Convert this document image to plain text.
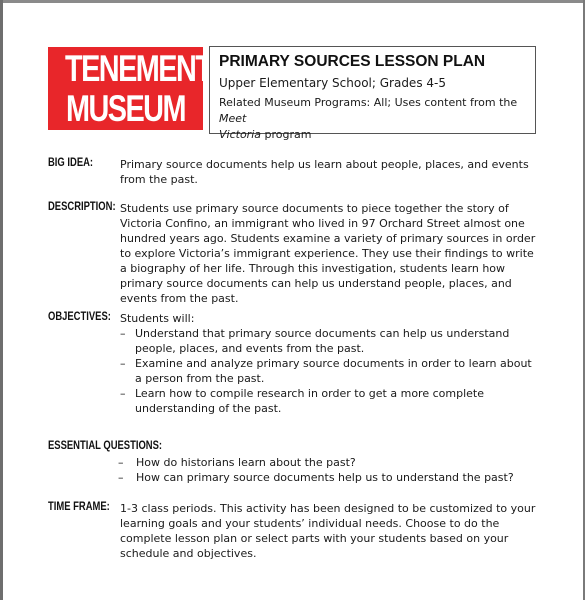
TENEMENT
MUSEUM

PRIMARY SOURCES LESSON PLAN

Upper Elementary School; Grades 4-5

Related Museum Programs: All; Uses content from the Meet
Victoria program

BIG IDEA: Primary source documents help us learn about people, places, and events from the past.

DESCRIPTION: Students use primary source documents to piece together the story of Victoria Confino, an immigrant who lived in 97 Orchard Street almost one hundred years ago. Students examine a variety of primary sources in order to explore Victoria’s immigrant experience. They use their findings to write a biography of her life. Through this investigation, students learn how primary source documents can help us understand people, places, and events from the past.

OBJECTIVES: Students will:

– Understand that primary source documents can help us understand people, places, and events from the past.
– Examine and analyze primary source documents in order to learn about a person from the past.
– Learn how to compile research in order to get a more complete understanding of the past.
ESSENTIAL QUESTIONS:
– How do historians learn about the past?
– How can primary source documents help us to understand the past?
TIME FRAME: 1-3 class periods. This activity has been designed to be customized to your learning goals and your students’ individual needs. Choose to do the complete lesson plan or select parts with your students based on your schedule and objectives.
